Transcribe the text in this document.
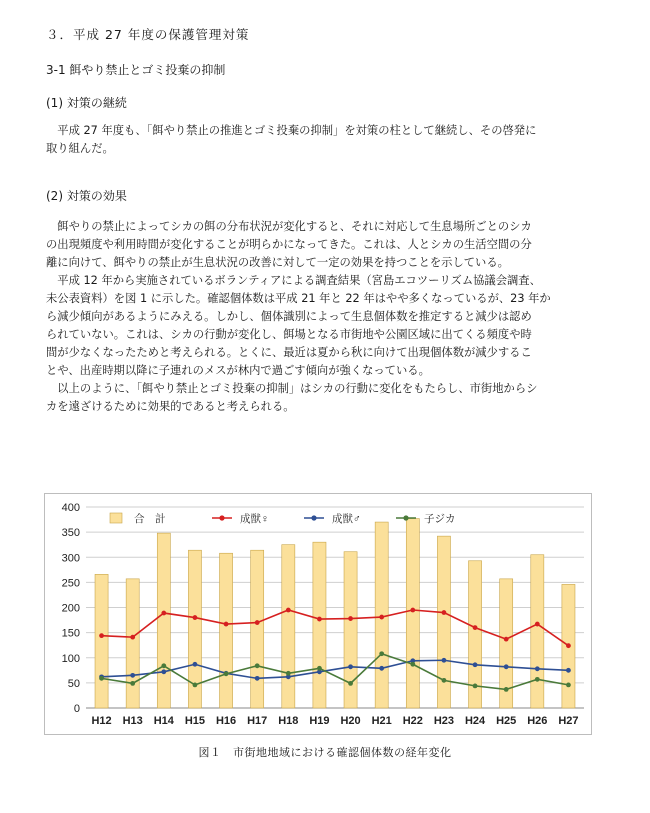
３．平成 27 年度の保護管理対策
3-1 餌やり禁止とゴミ投棄の抑制
(1) 対策の継続
　平成 27 年度も、「餌やり禁止の推進とゴミ投棄の抑制」を対策の柱として継続し、その啓発に
取り組んだ。
(2) 対策の効果
　餌やりの禁止によってシカの餌の分布状況が変化すると、それに対応して生息場所ごとのシカ
の出現頻度や利用時間が変化することが明らかになってきた。これは、人とシカの生活空間の分
離に向けて、餌やりの禁止が生息状況の改善に対して一定の効果を持つことを示している。
　平成 12 年から実施されているボランティアによる調査結果（宮島エコツーリズム協議会調査、
未公表資料）を図 1 に示した。確認個体数は平成 21 年と 22 年はやや多くなっているが、23 年か
ら減少傾向があるようにみえる。しかし、個体識別によって生息個体数を推定すると減少は認め
られていない。これは、シカの行動が変化し、餌場となる市街地や公園区域に出てくる頻度や時
間が少なくなったためと考えられる。とくに、最近は夏から秋に向けて出現個体数が減少するこ
とや、出産時期以降に子連れのメスが林内で過ごす傾向が強くなっている。
　以上のように、「餌やり禁止とゴミ投棄の抑制」はシカの行動に変化をもたらし、市街地からシ
カを遠ざけるために効果的であると考えられる。
0
50
100
150
200
250
300
350
400
H12 H13 H14 H15 H16 H17 H18 H19 H20 H21 H22 H23 H24 H25 H26 H27
合　計	成獣♀	成獣♂	子ジカ
図１　市街地地域における確認個体数の経年変化
